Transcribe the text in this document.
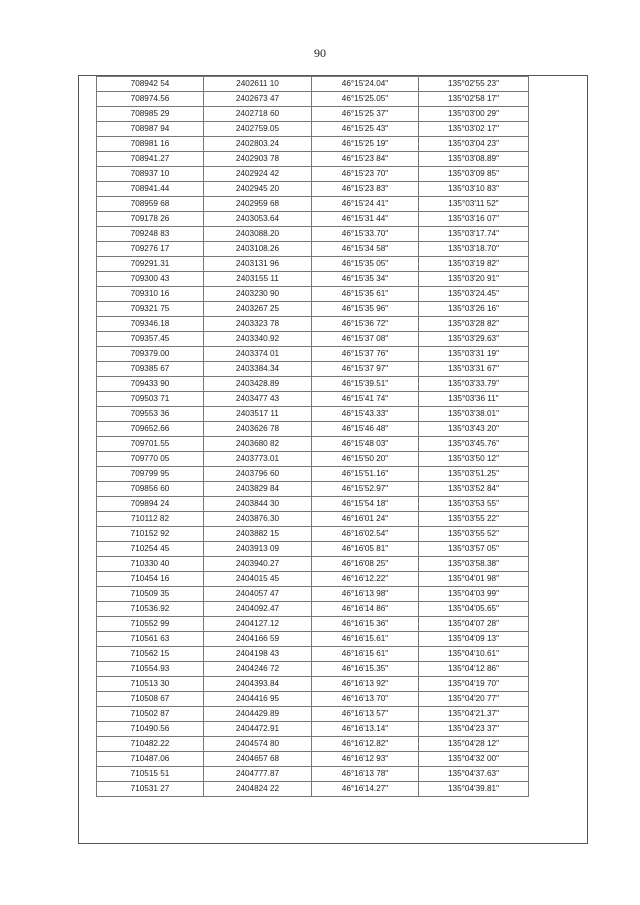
90
708942 54	2402611 10	46°15'24.04"	135°02'55 23"
708974.56	2402673 47	46°15'25.05"	135°02'58 17"
708985 29	2402718 60	46°15'25 37"	135°03'00 29"
708987 94	2402759.05	46°15'25 43"	135°03'02 17"
708981 16	2402803.24	46°15'25 19"	135°03'04 23"
708941.27	2402903 78	46°15'23 84"	135°03'08.89"
708937 10	2402924 42	46°15'23 70"	135°03'09 85"
708941.44	2402945 20	46°15'23 83"	135°03'10 83"
708959 68	2402959 68	46°15'24 41"	135°03'11 52"
709178 26	2403053.64	46°15'31 44"	135°03'16 07"
709248 83	2403088.20	46°15'33.70"	135°03'17.74"
709276 17	2403108.26	46°15'34 58"	135°03'18.70"
709291.31	2403131 96	46°15'35 05"	135°03'19 82"
709300 43	2403155 11	46°15'35 34"	135°03'20 91"
709310 16	2403230 90	46°15'35 61"	135°03'24.45"
709321 75	2403267 25	46°15'35 96"	135°03'26 16"
709346.18	2403323 78	46°15'36 72"	135°03'28 82"
709357.45	2403340.92	46°15'37 08"	135°03'29.63"
709379.00	2403374 01	46°15'37 76"	135°03'31 19"
709385 67	2403384.34	46°15'37 97"	135°03'31 67"
709433 90	2403428.89	46°15'39.51"	135°03'33.79"
709503 71	2403477 43	46°15'41 74"	135°03'36 11"
709553 36	2403517 11	46°15'43.33"	135°03'38.01"
709652.66	2403626 78	46°15'46 48"	135°03'43 20"
709701.55	2403680 82	46°15'48 03"	135°03'45.76"
709770 05	2403773.01	46°15'50 20"	135°03'50 12"
709799 95	2403796 60	46°15'51.16"	135°03'51.25"
709856 60	2403829 84	46°15'52.97"	135°03'52 84"
709894 24	2403844 30	46°15'54 18"	135°03'53 55"
710112 82	2403876.30	46°16'01 24"	135°03'55 22"
710152 92	2403882 15	46°16'02.54"	135°03'55 52"
710254 45	2403913 09	46°16'05 81"	135°03'57 05"
710330 40	2403940.27	46°16'08 25"	135°03'58.38"
710454 16	2404015 45	46°16'12.22"	135°04'01 98"
710509 35	2404057 47	46°16'13 98"	135°04'03 99"
710536.92	2404092.47	46°16'14 86"	135°04'05.65"
710552 99	2404127.12	46°16'15 36"	135°04'07 28"
710561 63	2404166 59	46°16'15.61"	135°04'09 13"
710562 15	2404198 43	46°16'15 61"	135°04'10.61"
710554.93	2404246 72	46°16'15.35"	135°04'12 86"
710513 30	2404393.84	46°16'13 92"	135°04'19 70"
710508 67	2404416 95	46°16'13 70"	135°04'20 77"
710502 87	2404429.89	46°16'13 57"	135°04'21.37"
710490.56	2404472.91	46°16'13.14"	135°04'23 37"
710482.22	2404574 80	46°16'12.82"	135°04'28 12"
710487.06	2404657 68	46°16'12 93"	135°04'32 00"
710515 51	2404777.87	46°16'13 78"	135°04'37.63"
710531 27	2404824 22	46°16'14.27"	135°04'39.81"
